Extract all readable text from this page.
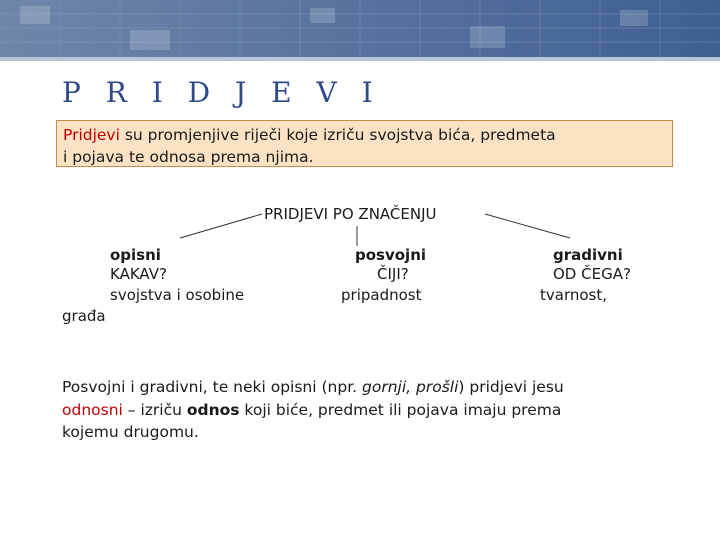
P R I D J E V I
Pridjevi su promjenjive riječi koje izriču svojstva bića, predmeta
i pojava te odnosa prema njima.
PRIDJEVI PO ZNAČENJU
opisni
KAKAV?
svojstva i osobine
građa
posvojni
ČIJI?
pripadnost
gradivni
OD ČEGA?
tvarnost,

Posvojni i gradivni, te neki opisni (npr. gornji, prošli) pridjevi jesu

odnosni – izriču odnos koji biće, predmet ili pojava imaju prema

kojemu drugomu.
